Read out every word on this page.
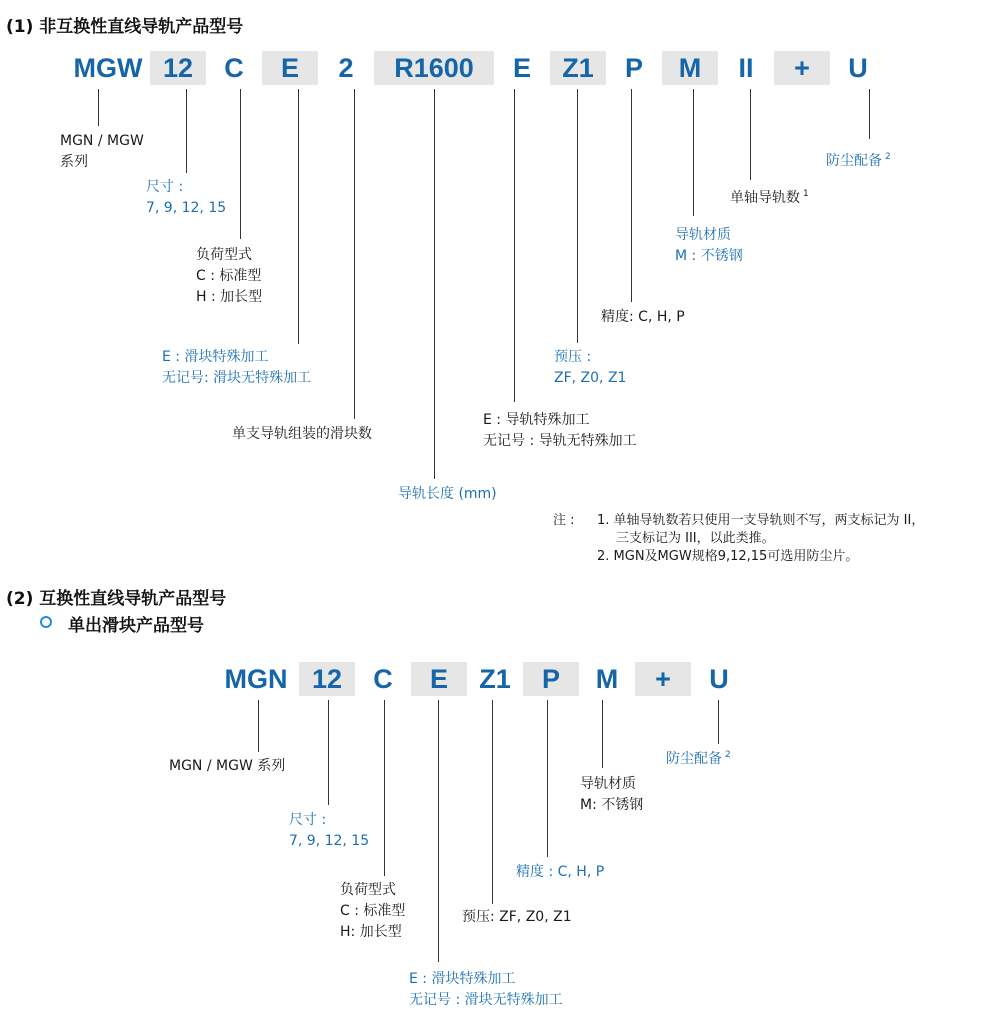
(1) 非互换性直线导轨产品型号
MGW 12	C	E	2	R1600	E	Z1	P	M	II	+	U
MGN / MGW
系列
尺寸 :
7, 9, 12, 15
负荷型式
C : 标准型
H : 加长型
E : 滑块特殊加工
无记号: 滑块无特殊加工
单支导轨组装的滑块数
导轨长度 (mm)
E : 导轨特殊加工
无记号 : 导轨无特殊加工
预压 :
ZF, Z0, Z1
精度: C, H, P
导轨材质
M : 不锈钢
单轴导轨数 $^1$
防尘配备 $^2$
注 : 1. 单轴导轨数若只使用一支导轨则不写，两支标记为 II，
三支标记为 III，以此类推。
2. MGN及MGW规格9,12,15可选用防尘片。
(2) 互换性直线导轨产品型号
单出滑块产品型号
MGN 12	C	E	Z1	P	M	+	U
MGN / MGW 系列
尺寸 :
7, 9, 12, 15
负荷型式
C : 标准型
H: 加长型
E : 滑块特殊加工
无记号 : 滑块无特殊加工
预压: ZF, Z0, Z1
精度 : C, H, P
导轨材质
M: 不锈钢
防尘配备 $^2$
